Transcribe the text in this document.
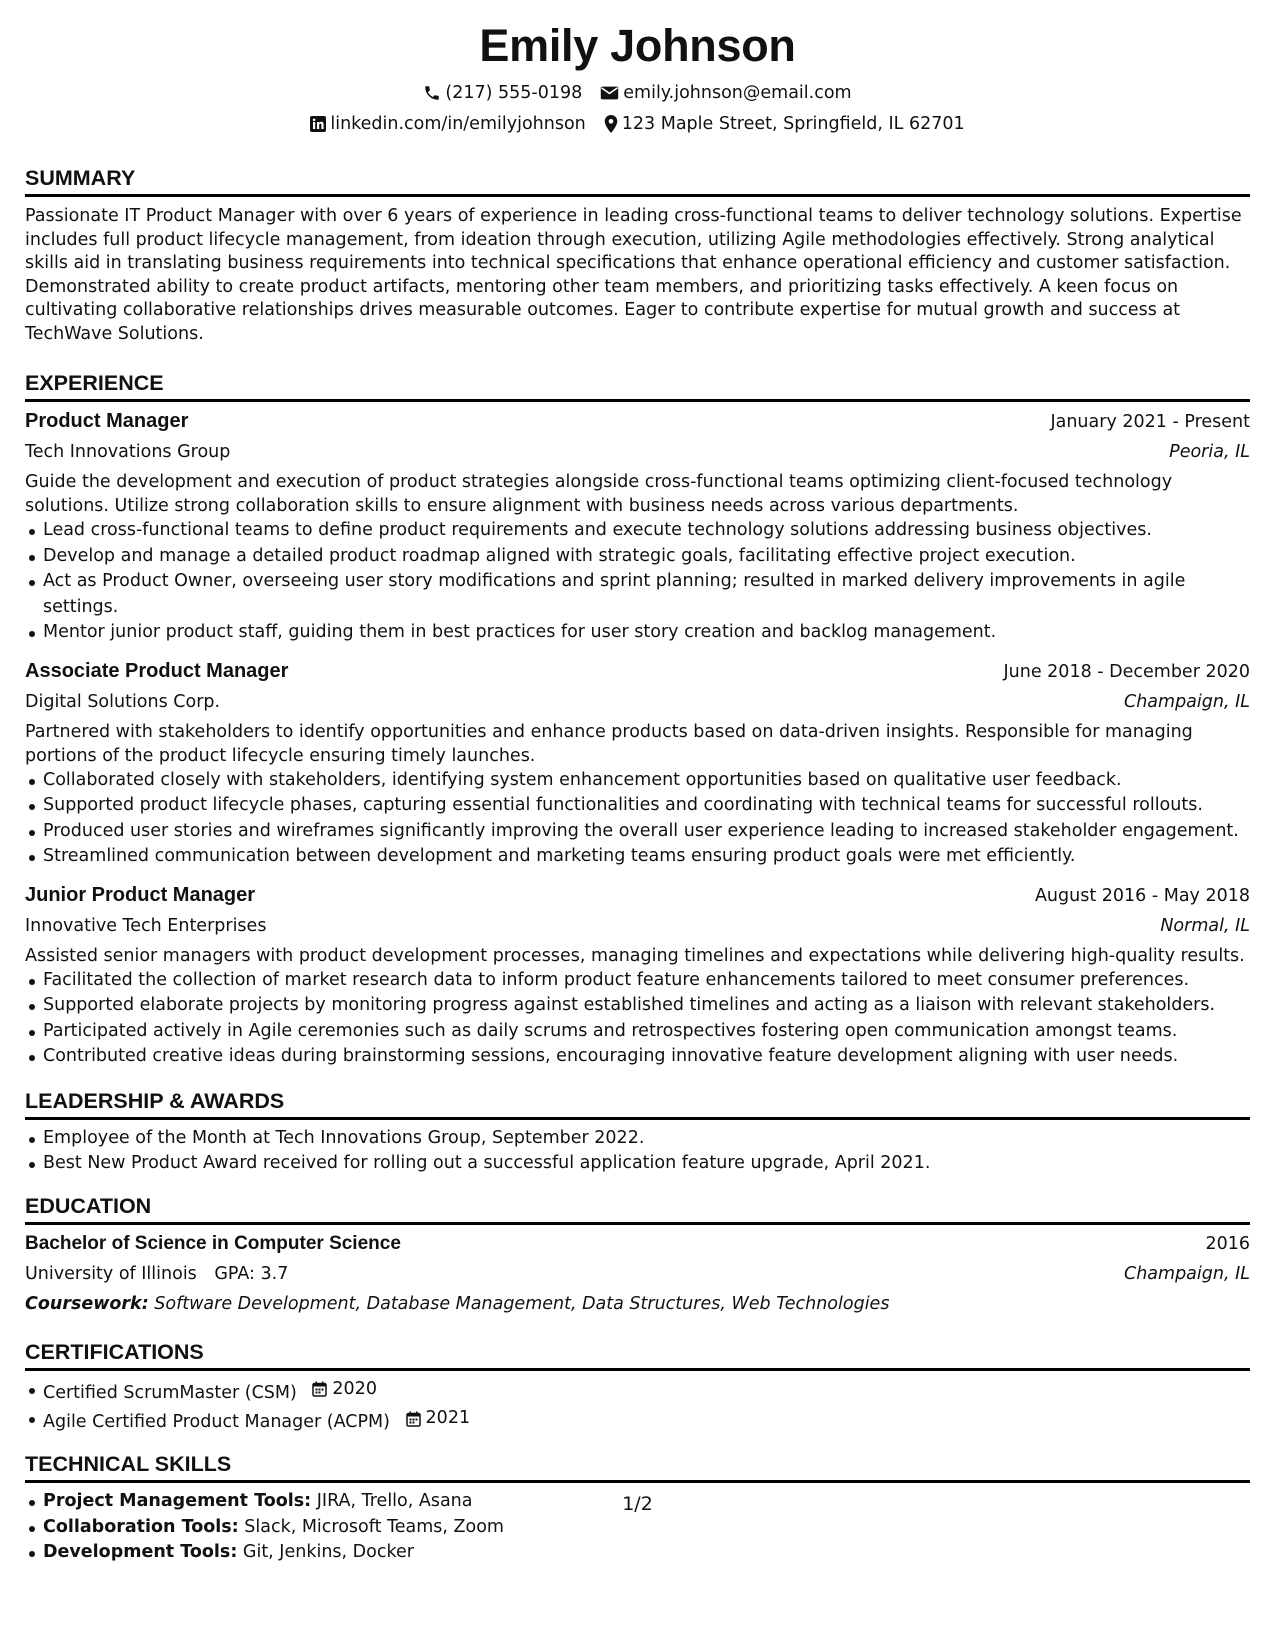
Emily Johnson
(217) 555-0198 emily.johnson@email.com
linkedin.com/in/emilyjohnson 123 Maple Street, Springfield, IL 62701
SUMMARY

Passionate IT Product Manager with over 6 years of experience in leading cross-functional teams to deliver technology solutions. Expertise includes full product lifecycle management, from ideation through execution, utilizing Agile methodologies effectively. Strong analytical skills aid in translating business requirements into technical specifications that enhance operational efficiency and customer satisfaction. Demonstrated ability to create product artifacts, mentoring other team members, and prioritizing tasks effectively. A keen focus on cultivating collaborative relationships drives measurable outcomes. Eager to contribute expertise for mutual growth and success at TechWave Solutions.

EXPERIENCE
Product Manager	January 2021 - Present
Tech Innovations Group	Peoria, IL

Guide the development and execution of product strategies alongside cross-functional teams optimizing client-focused technology solutions. Utilize strong collaboration skills to ensure alignment with business needs across various departments.

Lead cross-functional teams to define product requirements and execute technology solutions addressing business objectives.
Develop and manage a detailed product roadmap aligned with strategic goals, facilitating effective project execution.
Act as Product Owner, overseeing user story modifications and sprint planning; resulted in marked delivery improvements in agile settings.
Mentor junior product staff, guiding them in best practices for user story creation and backlog management.
Associate Product Manager	June 2018 - December 2020
Digital Solutions Corp.	Champaign, IL

Partnered with stakeholders to identify opportunities and enhance products based on data-driven insights. Responsible for managing portions of the product lifecycle ensuring timely launches.

Collaborated closely with stakeholders, identifying system enhancement opportunities based on qualitative user feedback.
Supported product lifecycle phases, capturing essential functionalities and coordinating with technical teams for successful rollouts.
Produced user stories and wireframes significantly improving the overall user experience leading to increased stakeholder engagement.
Streamlined communication between development and marketing teams ensuring product goals were met efficiently.
Junior Product Manager	August 2016 - May 2018
Innovative Tech Enterprises	Normal, IL

Assisted senior managers with product development processes, managing timelines and expectations while delivering high-quality results.

Facilitated the collection of market research data to inform product feature enhancements tailored to meet consumer preferences.
Supported elaborate projects by monitoring progress against established timelines and acting as a liaison with relevant stakeholders.
Participated actively in Agile ceremonies such as daily scrums and retrospectives fostering open communication amongst teams.
Contributed creative ideas during brainstorming sessions, encouraging innovative feature development aligning with user needs.
LEADERSHIP & AWARDS
Employee of the Month at Tech Innovations Group, September 2022.
Best New Product Award received for rolling out a successful application feature upgrade, April 2021.
EDUCATION
Bachelor of Science in Computer Science	2016
University of Illinois GPA: 3.7	Champaign, IL
Coursework: Software Development, Database Management, Data Structures, Web Technologies
CERTIFICATIONS
Certified ScrumMaster (CSM) 2020
Agile Certified Product Manager (ACPM) 2021
TECHNICAL SKILLS
Project Management Tools: JIRA, Trello, Asana
Collaboration Tools: Slack, Microsoft Teams, Zoom
Development Tools: Git, Jenkins, Docker
1/2
